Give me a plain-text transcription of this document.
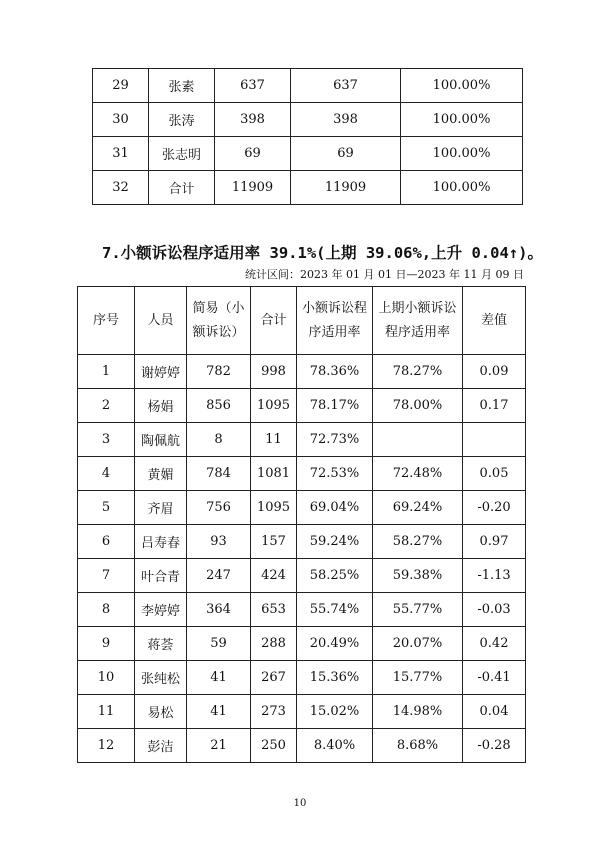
29	张素	637	637	100.00%
30	张涛	398	398	100.00%
31	张志明	69	69	100.00%
32	合计	11909	11909	100.00%
7.小额诉讼程序适用率 39.1%(上期 39.06%,上升 0.04↑)。
统计区间：2023 年 01 月 01 日—2023 年 11 月 09 日
序号	人员	简易（小额诉讼）	合计	小额诉讼程序适用率	上期小额诉讼程序适用率	差值
1	谢婷婷	782	998	78.36%	78.27%	0.09
2	杨娟	856	1095	78.17%	78.00%	0.17
3	陶佩航	8	11	72.73%		
4	黄媚	784	1081	72.53%	72.48%	0.05
5	齐眉	756	1095	69.04%	69.24%	-0.20
6	吕寿春	93	157	59.24%	58.27%	0.97
7	叶合青	247	424	58.25%	59.38%	-1.13
8	李婷婷	364	653	55.74%	55.77%	-0.03
9	蒋荟	59	288	20.49%	20.07%	0.42
10	张纯松	41	267	15.36%	15.77%	-0.41
11	易松	41	273	15.02%	14.98%	0.04
12	彭洁	21	250	8.40%	8.68%	-0.28
10
